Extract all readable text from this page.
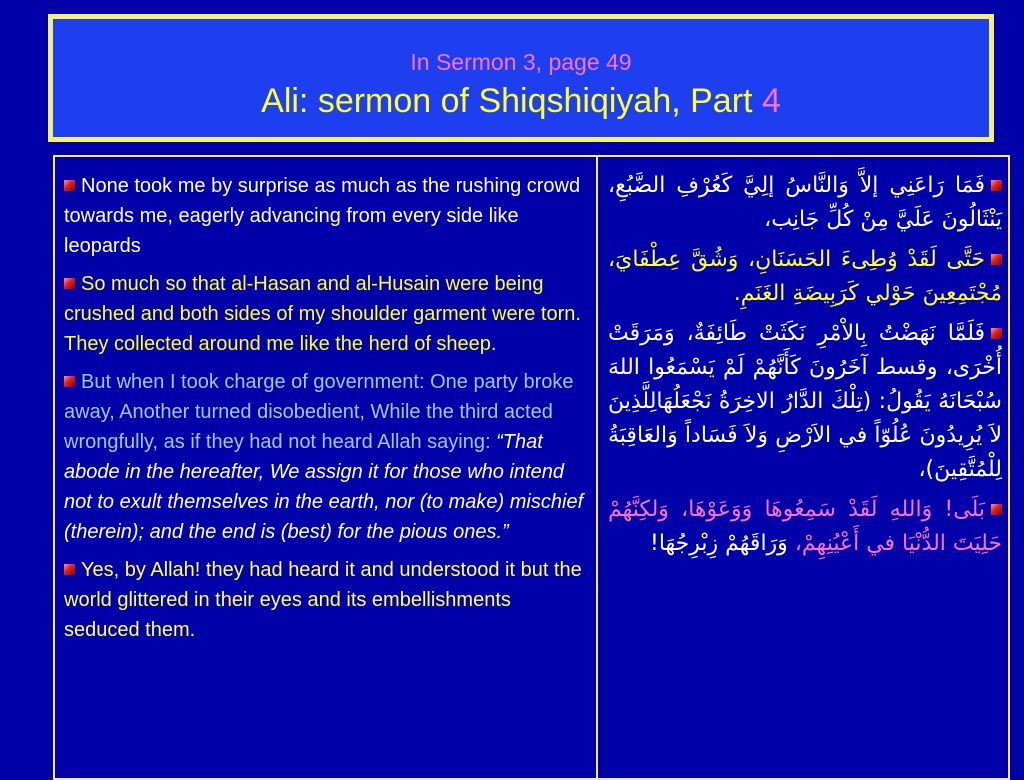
In Sermon 3, page 49
Ali: sermon of Shiqshiqiyah, Part 4
None took me by surprise as much as the rushing crowd towards me, eagerly advancing from every side like leopards
So much so that al-Hasan and al-Husain were being crushed and both sides of my shoulder garment were torn. They collected around me like the herd of sheep.
But when I took charge of government: One party broke away, Another turned disobedient, While the third acted wrongfully, as if they had not heard Allah saying: “That abode in the hereafter, We assign it for those who intend not to exult themselves in the earth, nor (to make) mischief (therein); and the end is (best) for the pious ones.”
Yes, by Allah! they had heard it and understood it but the world glittered in their eyes and its embellishments seduced them.
فَمَا رَاعَنِي إلاَّ وَالنَّاسُ إلِيَّ كَعُرْفِ الضَّبُعِ، يَنْثَالُونَ عَلَيَّ مِنْ كُلِّ جَانِب،
حَتَّى لَقَدْ وُطِىءَ الحَسَنَانِ، وَشُقَّ عِطْفَايَ، مُجْتَمِعِينَ حَوْلي كَرَبِيضَةِ الغَنَمِ.
فَلَمَّا نَهَضْتُ بِالاْمْرِ نَكَثَتْ طَائِفَةٌ، وَمَرَقَتْ أُخْرَى، وقسط آخَرُونَ كَأَنَّهُمْ لَمْ يَسْمَعُوا اللهَ سُبْحَانَهُ يَقُولُ: (تِلْكَ الدَّارُ الاخِرَةُ نَجْعَلُهَالِلَّذِينَ لاَ يُرِيدُونَ عُلُوّاً في الاَرْضِ وَلاَ فَسَاداً وَالعَاقِبَةُ لِلْمُتَّقِينَ)،
بَلَى! وَاللهِ لَقَدْ سَمِعُوهَا وَوَعَوْهَا، وَلكِنَّهُمْ حَلِيَتَ الدُّنْيَا في أَعْيُنِهِمْ، وَرَاقَهُمْ زِبْرِجُهَا!
